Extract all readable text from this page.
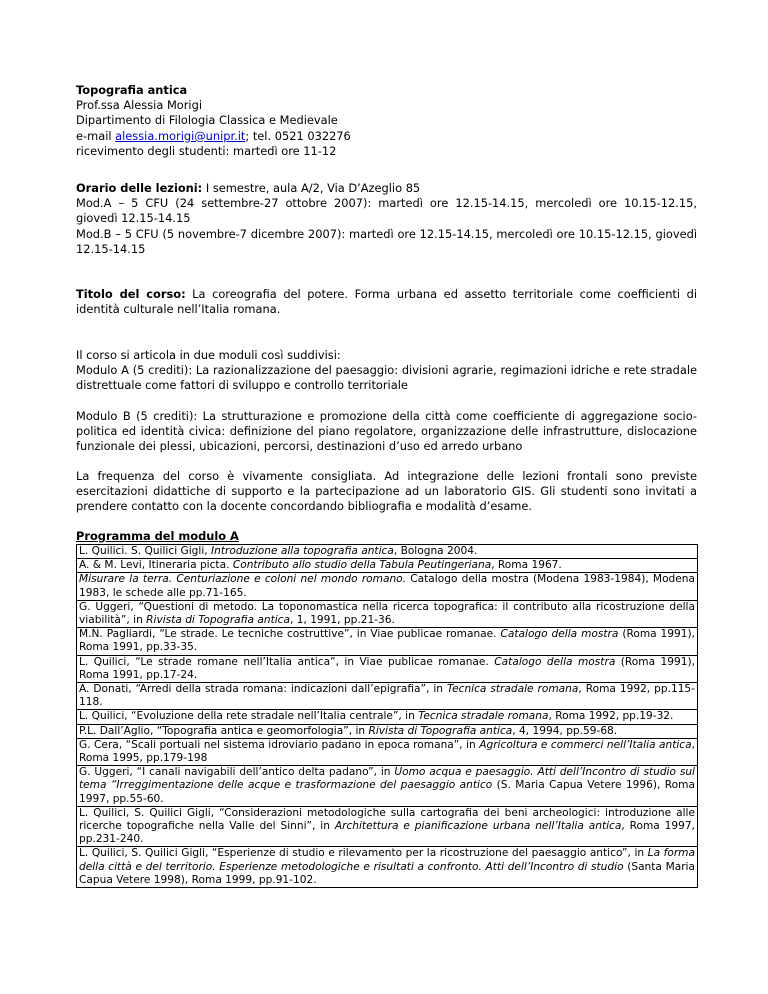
Topografia antica
Prof.ssa Alessia Morigi
Dipartimento di Filologia Classica e Medievale
e-mail alessia.morigi@unipr.it; tel. 0521 032276
ricevimento degli studenti: martedì ore 11-12
Orario delle lezioni: I semestre, aula A/2, Via D’Azeglio 85
Mod.A – 5 CFU (24 settembre-27 ottobre 2007): martedì ore 12.15-14.15, mercoledì ore 10.15-12.15, giovedì 12.15-14.15
Mod.B – 5 CFU (5 novembre-7 dicembre 2007): martedì ore 12.15-14.15, mercoledì ore 10.15-12.15, giovedì 12.15-14.15
Titolo del corso: La coreografia del potere. Forma urbana ed assetto territoriale come coefficienti di identità culturale nell’Italia romana.
Il corso si articola in due moduli così suddivisi:
Modulo A (5 crediti): La razionalizzazione del paesaggio: divisioni agrarie, regimazioni idriche e rete stradale distrettuale come fattori di sviluppo e controllo territoriale
Modulo B (5 crediti): La strutturazione e promozione della città come coefficiente di aggregazione socio-politica ed identità civica: definizione del piano regolatore, organizzazione delle infrastrutture, dislocazione funzionale dei plessi, ubicazioni, percorsi, destinazioni d’uso ed arredo urbano
La frequenza del corso è vivamente consigliata. Ad integrazione delle lezioni frontali sono previste esercitazioni didattiche di supporto e la partecipazione ad un laboratorio GIS. Gli studenti sono invitati a prendere contatto con la docente concordando bibliografia e modalità d’esame.
Programma del modulo A
L. Quilici. S. Quilici Gigli, Introduzione alla topografia antica, Bologna 2004.
A. & M. Levi, Itineraria picta. Contributo allo studio della Tabula Peutingeriana, Roma 1967.
Misurare la terra. Centuriazione e coloni nel mondo romano. Catalogo della mostra (Modena 1983-1984), Modena 1983, le schede alle pp.71-165.
G. Uggeri, “Questioni di metodo. La toponomastica nella ricerca topografica: il contributo alla ricostruzione della viabilità”, in Rivista di Topografia antica, 1, 1991, pp.21-36.
M.N. Pagliardi, “Le strade. Le tecniche costruttive”, in Viae publicae romanae. Catalogo della mostra (Roma 1991), Roma 1991, pp.33-35.
L. Quilici, “Le strade romane nell’Italia antica”, in Viae publicae romanae. Catalogo della mostra (Roma 1991), Roma 1991, pp.17-24.
A. Donati, “Arredi della strada romana: indicazioni dall’epigrafia”, in Tecnica stradale romana, Roma 1992, pp.115-118.
L. Quilici, “Evoluzione della rete stradale nell’Italia centrale”, in Tecnica stradale romana, Roma 1992, pp.19-32.
P.L. Dall’Aglio, “Topografia antica e geomorfologia”, in Rivista di Topografia antica, 4, 1994, pp.59-68.
G. Cera, “Scali portuali nel sistema idroviario padano in epoca romana”, in Agricoltura e commerci nell’Italia antica, Roma 1995, pp.179-198
G. Uggeri, “I canali navigabili dell’antico delta padano”, in Uomo acqua e paesaggio. Atti dell’Incontro di studio sul tema “Irreggimentazione delle acque e trasformazione del paesaggio antico (S. Maria Capua Vetere 1996), Roma 1997, pp.55-60.
L. Quilici, S. Quilici Gigli, “Considerazioni metodologiche sulla cartografia dei beni archeologici: introduzione alle ricerche topografiche nella Valle del Sinni”, in Architettura e pianificazione urbana nell’Italia antica, Roma 1997, pp.231-240.
L. Quilici, S. Quilici Gigli, “Esperienze di studio e rilevamento per la ricostruzione del paesaggio antico”, in La forma della città e del territorio. Esperienze metodologiche e risultati a confronto. Atti dell’Incontro di studio (Santa Maria Capua Vetere 1998), Roma 1999, pp.91-102.
